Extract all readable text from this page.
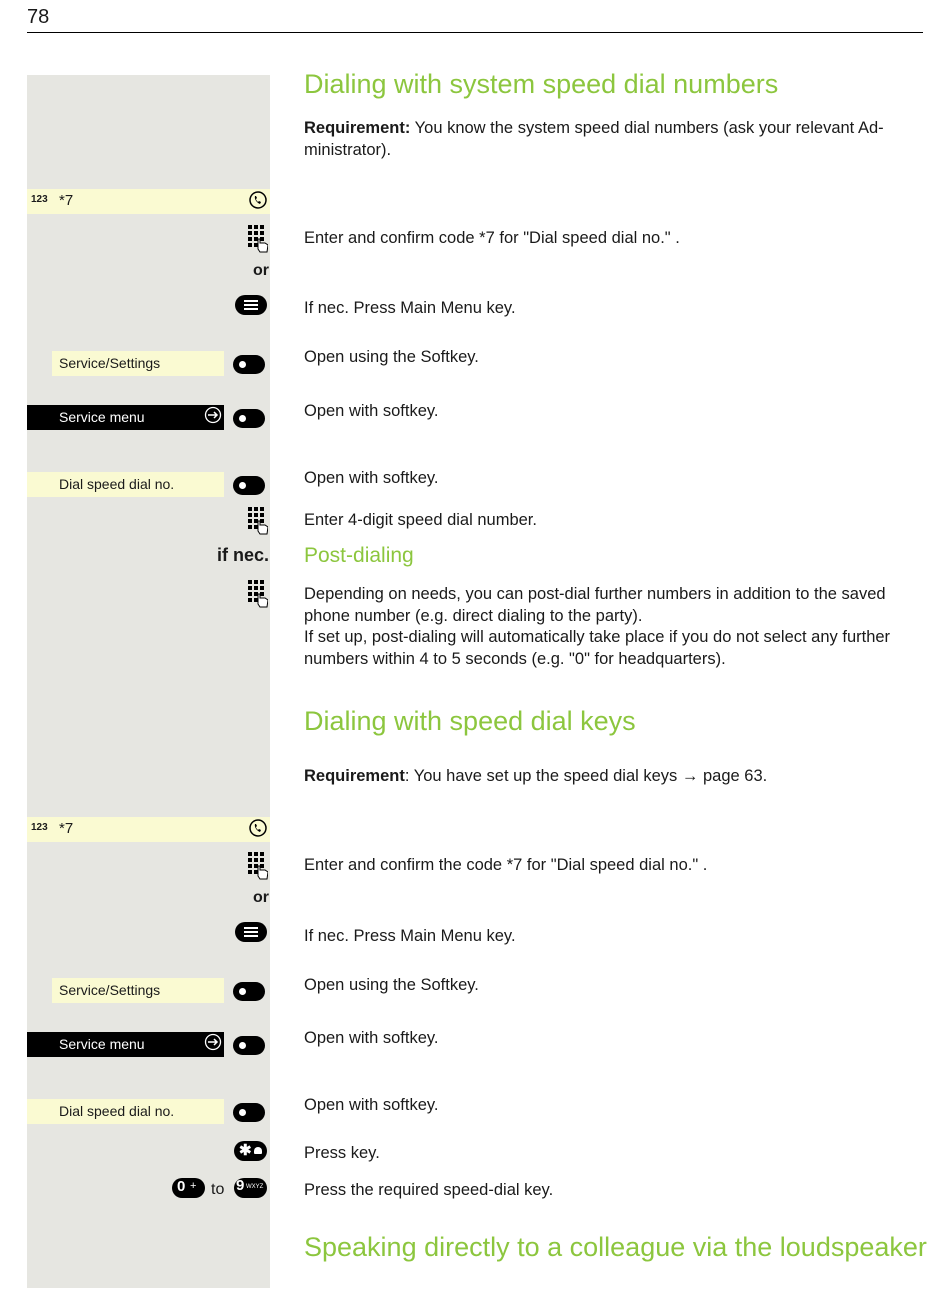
78
Dialing with system speed dial numbers
Requirement: You know the system speed dial numbers (ask your relevant Ad-ministrator).
123 *7
Enter and confirm code *7 for "Dial speed dial no." .
or
If nec. Press Main Menu key.
Service/Settings	Open using the Softkey.
Service menu	Open with softkey.
Dial speed dial no.	Open with softkey.
Enter 4-digit speed dial number.
if nec. Post-dialing
Depending on needs, you can post-dial further numbers in addition to the saved phone number (e.g. direct dialing to the party).
If set up, post-dialing will automatically take place if you do not select any further numbers within 4 to 5 seconds (e.g. "0" for headquarters).
Dialing with speed dial keys
Requirement: You have set up the speed dial keys → page 63.
123 *7
Enter and confirm the code *7 for "Dial speed dial no." .
or
If nec. Press Main Menu key.
Service/Settings	Open using the Softkey.
Service menu	Open with softkey.
Dial speed dial no.	Open with softkey.
✱	Press key.
0 + to 9 WXYZ Press the required speed-dial key.
Speaking directly to a colleague via the loudspeaker
